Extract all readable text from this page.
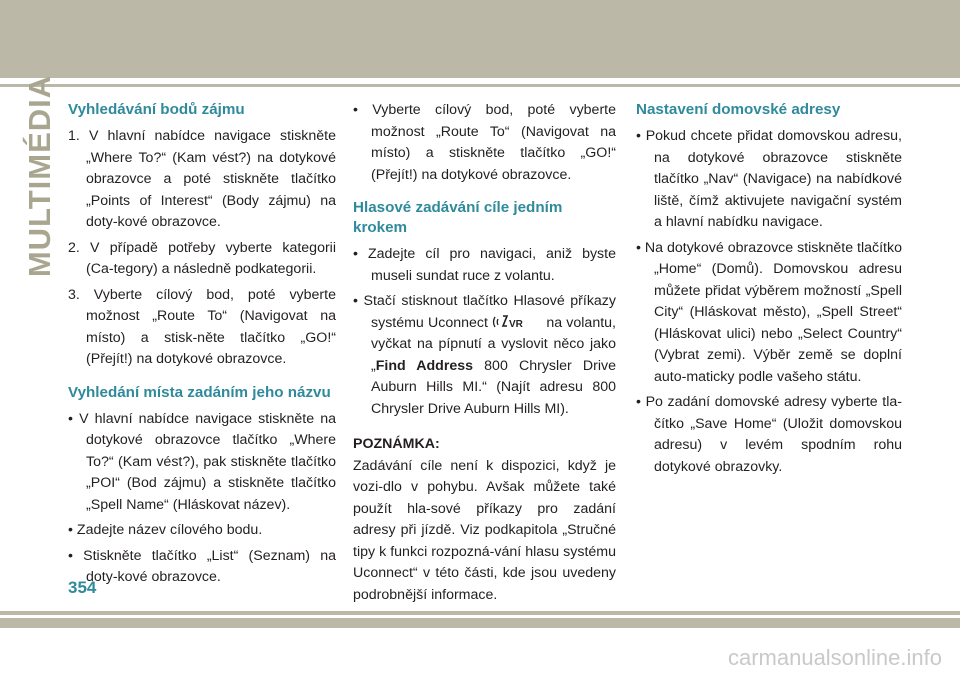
MULTIMÉDIA Vyhledávání bodů zájmu

1. V hlavní nabídce navigace stiskněte „Where To?“ (Kam vést?) na dotykové obrazovce a poté stiskněte tlačítko „Points of Interest“ (Body zájmu) na doty-kové obrazovce.

2. V případě potřeby vyberte kategorii (Ca-tegory) a následně podkategorii.

3. Vyberte cílový bod, poté vyberte možnost „Route To“ (Navigovat na místo) a stisk-něte tlačítko „GO!“ (Přejít!) na dotykové obrazovce.

Vyhledání místa zadáním jeho názvu

• V hlavní nabídce navigace stiskněte na dotykové obrazovce tlačítko „Where To?“ (Kam vést?), pak stiskněte tlačítko „POI“ (Bod zájmu) a stiskněte tlačítko „Spell Name“ (Hláskovat název).

• Zadejte název cílového bodu.

• Stiskněte tlačítko „List“ (Seznam) na doty-kové obrazovce.

• Vyberte cílový bod, poté vyberte možnost „Route To“ (Navigovat na místo) a stiskněte tlačítko „GO!“ (Přejít!) na dotykové obrazovce.

Hlasové zadávání cíle jedním krokem

• Zadejte cíl pro navigaci, aniž byste museli sundat ruce z volantu.

• Stačí stisknout tlačítko Hlasové příkazy systému Uconnect VR na volantu, vyčkat na pípnutí a vyslovit něco jako „Find Address 800 Chrysler Drive Auburn Hills MI.“ (Najít adresu 800 Chrysler Drive Auburn Hills MI).

POZNÁMKA:

Zadávání cíle není k dispozici, když je vozi-dlo v pohybu. Avšak můžete také použít hla-sové příkazy pro zadání adresy při jízdě. Viz podkapitola „Stručné tipy k funkci rozpozná-vání hlasu systému Uconnect“ v této části, kde jsou uvedeny podrobnější informace.

Nastavení domovské adresy

• Pokud chcete přidat domovskou adresu, na dotykové obrazovce stiskněte tlačítko „Nav“ (Navigace) na nabídkové liště, čímž aktivujete navigační systém a hlavní nabídku navigace.

• Na dotykové obrazovce stiskněte tlačítko „Home“ (Domů). Domovskou adresu můžete přidat výběrem možností „Spell City“ (Hláskovat město), „Spell Street“ (Hláskovat ulici) nebo „Select Country“ (Vybrat zemi). Výběr země se doplní auto-maticky podle vašeho státu.

• Po zadání domovské adresy vyberte tla-čítko „Save Home“ (Uložit domovskou adresu) v levém spodním rohu dotykové obrazovky.

354
carmanualsonline.info
